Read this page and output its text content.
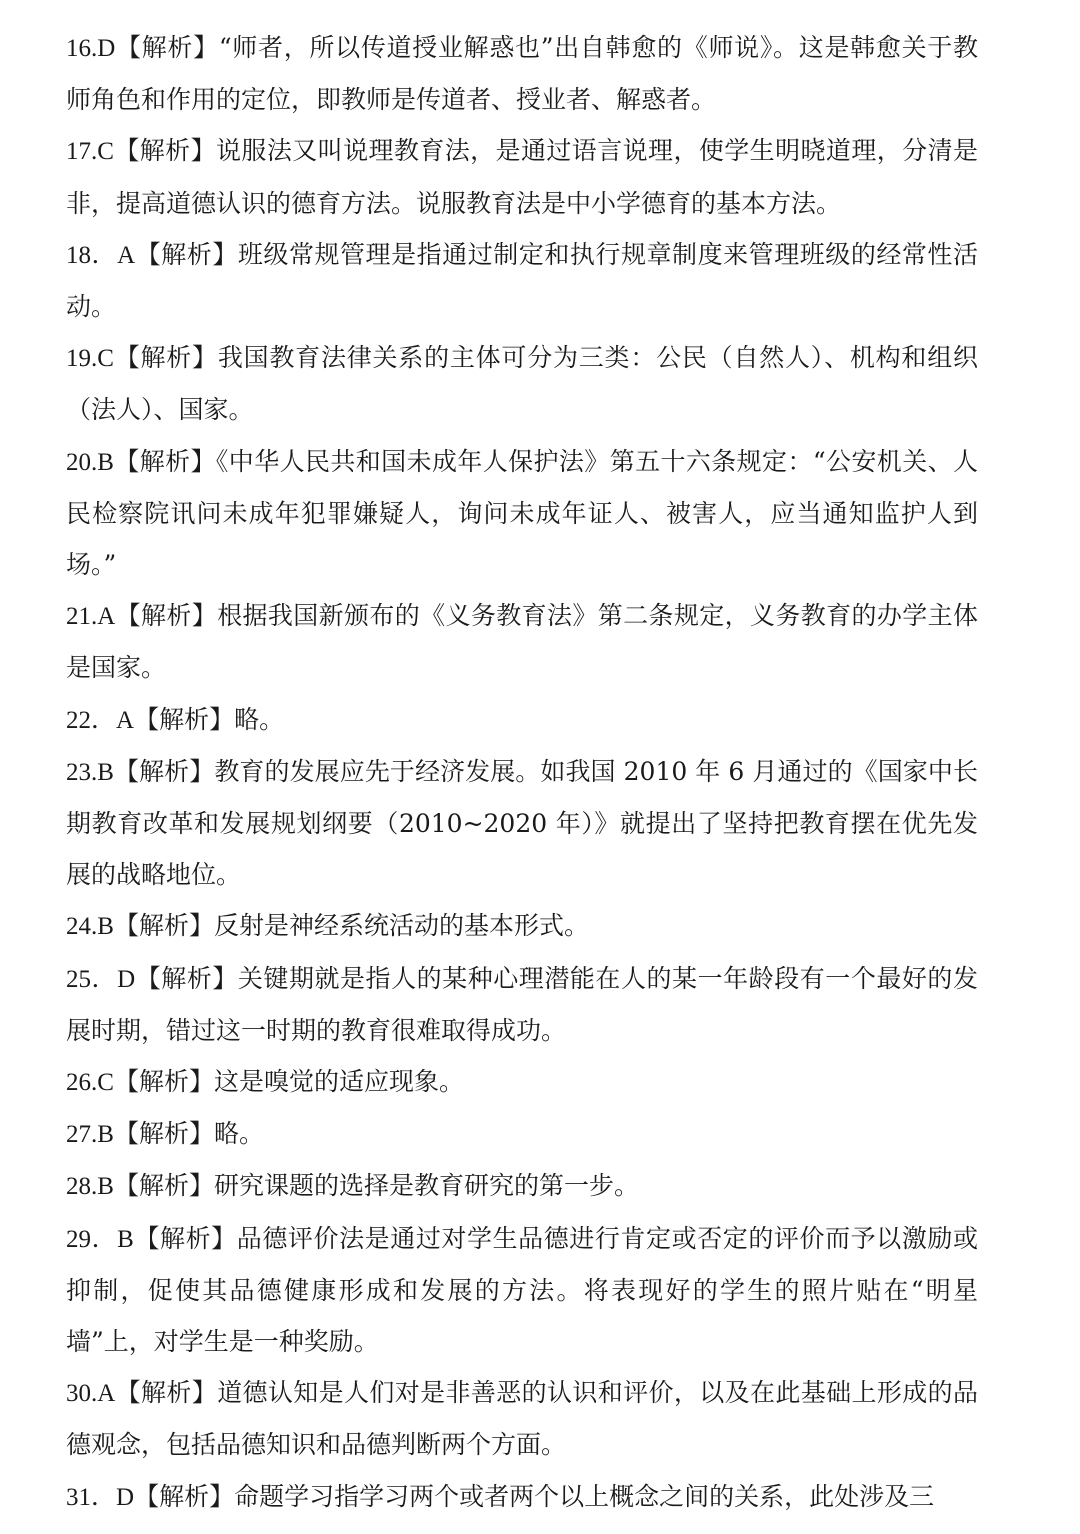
16.D【解析】“师者，所以传道授业解惑也”出自韩愈的《师说》。这是韩愈关于教师角色和作用的定位，即教师是传道者、授业者、解惑者。

17.C【解析】说服法又叫说理教育法，是通过语言说理，使学生明晓道理，分清是非，提高道德认识的德育方法。说服教育法是中小学德育的基本方法。

18．A【解析】班级常规管理是指通过制定和执行规章制度来管理班级的经常性活动。

19.C【解析】我国教育法律关系的主体可分为三类：公民（自然人）、机构和组织（法人）、国家。

20.B【解析】《中华人民共和国未成年人保护法》第五十六条规定：“公安机关、人民检察院讯问未成年犯罪嫌疑人，询问未成年证人、被害人，应当通知监护人到场。”

21.A【解析】根据我国新颁布的《义务教育法》第二条规定，义务教育的办学主体是国家。

22．A【解析】略。

23.B【解析】教育的发展应先于经济发展。如我国 2010 年 6 月通过的《国家中长期教育改革和发展规划纲要（2010~2020 年）》就提出了坚持把教育摆在优先发展的战略地位。

24.B【解析】反射是神经系统活动的基本形式。

25．D【解析】关键期就是指人的某种心理潜能在人的某一年龄段有一个最好的发展时期，错过这一时期的教育很难取得成功。

26.C【解析】这是嗅觉的适应现象。

27.B【解析】略。

28.B【解析】研究课题的选择是教育研究的第一步。

29．B【解析】品德评价法是通过对学生品德进行肯定或否定的评价而予以激励或抑制，促使其品德健康形成和发展的方法。将表现好的学生的照片贴在“明星墙”上，对学生是一种奖励。

30.A【解析】道德认知是人们对是非善恶的认识和评价，以及在此基础上形成的品德观念，包括品德知识和品德判断两个方面。

31．D【解析】命题学习指学习两个或者两个以上概念之间的关系，此处涉及三
